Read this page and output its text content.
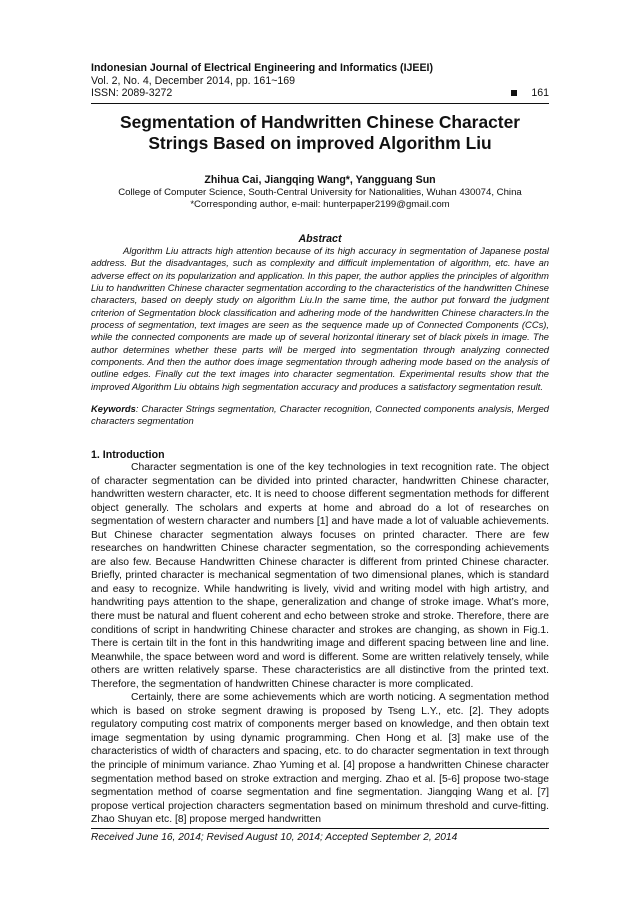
Indonesian Journal of Electrical Engineering and Informatics (IJEEI)
Vol. 2, No. 4, December 2014, pp. 161~169
ISSN: 2089-3272	161
Segmentation of Handwritten Chinese Character
Strings Based on improved Algorithm Liu
Zhihua Cai, Jiangqing Wang*, Yangguang Sun
College of Computer Science, South-Central University for Nationalities, Wuhan 430074, China
*Corresponding author, e-mail: hunterpaper2199@gmail.com
Abstract

Algorithm Liu attracts high attention because of its high accuracy in segmentation of Japanese postal address. But the disadvantages, such as complexity and difficult implementation of algorithm, etc. have an adverse effect on its popularization and application. In this paper, the author applies the principles of algorithm Liu to handwritten Chinese character segmentation according to the characteristics of the handwritten Chinese characters, based on deeply study on algorithm Liu.In the same time, the author put forward the judgment criterion of Segmentation block classification and adhering mode of the handwritten Chinese characters.In the process of segmentation, text images are seen as the sequence made up of Connected Components (CCs), while the connected components are made up of several horizontal itinerary set of black pixels in image. The author determines whether these parts will be merged into segmentation through analyzing connected components. And then the author does image segmentation through adhering mode based on the analysis of outline edges. Finally cut the text images into character segmentation. Experimental results show that the improved Algorithm Liu obtains high segmentation accuracy and produces a satisfactory segmentation result.

Keywords: Character Strings segmentation, Character recognition, Connected components analysis, Merged characters segmentation

1. Introduction

Character segmentation is one of the key technologies in text recognition rate. The object of character segmentation can be divided into printed character, handwritten Chinese character, handwritten western character, etc. It is need to choose different segmentation methods for different object generally. The scholars and experts at home and abroad do a lot of researches on segmentation of western character and numbers [1] and have made a lot of valuable achievements. But Chinese character segmentation always focuses on printed character. There are few researches on handwritten Chinese character segmentation, so the corresponding achievements are also few. Because Handwritten Chinese character is different from printed Chinese character. Briefly, printed character is mechanical segmentation of two dimensional planes, which is standard and easy to recognize. While handwriting is lively, vivid and writing model with high artistry, and handwriting pays attention to the shape, generalization and change of stroke image. What’s more, there must be natural and fluent coherent and echo between stroke and stroke. Therefore, there are conditions of script in handwriting Chinese character and strokes are changing, as shown in Fig.1. There is certain tilt in the font in this handwriting image and different spacing between line and line. Meanwhile, the space between word and word is different. Some are written relatively tensely, while others are written relatively sparse. These characteristics are all distinctive from the printed text. Therefore, the segmentation of handwritten Chinese character is more complicated.

Certainly, there are some achievements which are worth noticing. A segmentation method which is based on stroke segment drawing is proposed by Tseng L.Y., etc. [2]. They adopts regulatory computing cost matrix of components merger based on knowledge, and then obtain text image segmentation by using dynamic programming. Chen Hong et al. [3] make use of the characteristics of width of characters and spacing, etc. to do character segmentation in text through the principle of minimum variance. Zhao Yuming et al. [4] propose a handwritten Chinese character segmentation method based on stroke extraction and merging. Zhao et al. [5-6] propose two-stage segmentation method of coarse segmentation and fine segmentation. Jiangqing Wang et al. [7] propose vertical projection characters segmentation based on minimum threshold and curve-fitting. Zhao Shuyan etc. [8] propose merged handwritten

Received June 16, 2014; Revised August 10, 2014; Accepted September 2, 2014
